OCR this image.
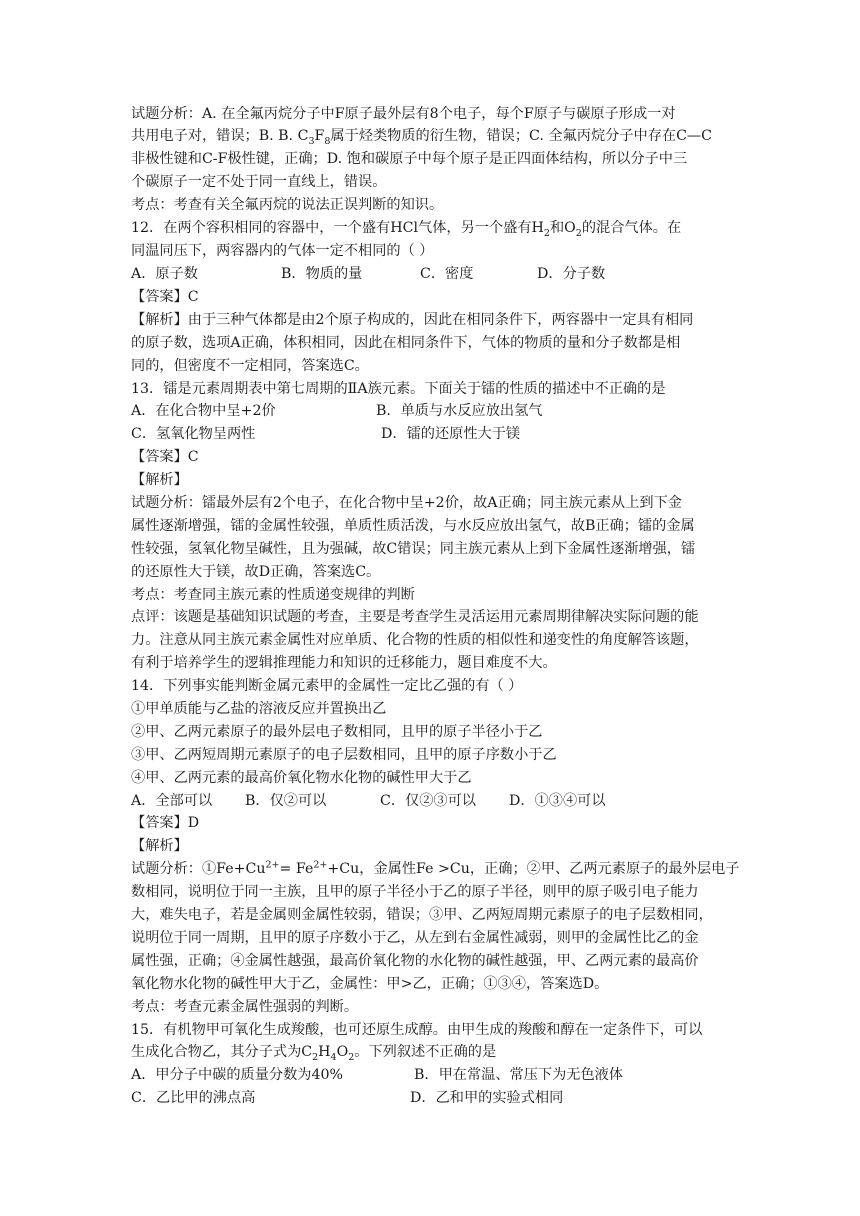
试题分析：A. 在全氟丙烷分子中F原子最外层有8个电子，每个F原子与碳原子形成一对
共用电子对，错误；B. B. $C_3F_8$属于烃类物质的衍生物，错误；C. 全氟丙烷分子中存在C—C
非极性键和C-F极性键，正确；D. 饱和碳原子中每个原子是正四面体结构，所以分子中三
个碳原子一定不处于同一直线上，错误。
考点：考查有关全氟丙烷的说法正误判断的知识。
12．在两个容积相同的容器中，一个盛有HCl气体，另一个盛有$H_2$和$O_2$的混合气体。在
同温同压下，两容器内的气体一定不相同的（ ）
A．原子数	B．物质的量	C．密度	D．分子数
【答案】C
【解析】由于三种气体都是由2个原子构成的，因此在相同条件下，两容器中一定具有相同
的原子数，选项A正确，体积相同，因此在相同条件下，气体的物质的量和分子数都是相
同的，但密度不一定相同，答案选C。
13．镭是元素周期表中第七周期的ⅡA族元素。下面关于镭的性质的描述中不正确的是
A．在化合物中呈+2价	B．单质与水反应放出氢气
C．氢氧化物呈两性	D．镭的还原性大于镁
【答案】C
【解析】
试题分析：镭最外层有2个电子，在化合物中呈+2价，故A正确；同主族元素从上到下金
属性逐渐增强，镭的金属性较强，单质性质活泼，与水反应放出氢气，故B正确；镭的金属
性较强，氢氧化物呈碱性，且为强碱，故C错误；同主族元素从上到下金属性逐渐增强，镭
的还原性大于镁，故D正确，答案选C。
考点：考查同主族元素的性质递变规律的判断
点评：该题是基础知识试题的考查，主要是考查学生灵活运用元素周期律解决实际问题的能
力。注意从同主族元素金属性对应单质、化合物的性质的相似性和递变性的角度解答该题，
有利于培养学生的逻辑推理能力和知识的迁移能力，题目难度不大。
14．下列事实能判断金属元素甲的金属性一定比乙强的有（ ）
①甲单质能与乙盐的溶液反应并置换出乙
②甲、乙两元素原子的最外层电子数相同，且甲的原子半径小于乙
③甲、乙两短周期元素原子的电子层数相同，且甲的原子序数小于乙
④甲、乙两元素的最高价氧化物水化物的碱性甲大于乙
A．全部可以 B．仅②可以	C．仅②③可以 D．①③④可以
【答案】D
【解析】
试题分析：$①Fe+Cu^{2+}= Fe^{2+}+Cu$，金属性Fe >Cu，正确；②甲、乙两元素原子的最外层电子
数相同，说明位于同一主族，且甲的原子半径小于乙的原子半径，则甲的原子吸引电子能力
大，难失电子，若是金属则金属性较弱，错误；③甲、乙两短周期元素原子的电子层数相同，
说明位于同一周期，且甲的原子序数小于乙，从左到右金属性减弱，则甲的金属性比乙的金
属性强，正确；④金属性越强，最高价氧化物的水化物的碱性越强，甲、乙两元素的最高价
氧化物水化物的碱性甲大于乙，金属性：甲>乙，正确；①③④，答案选D。
考点：考查元素金属性强弱的判断。
15．有机物甲可氧化生成羧酸，也可还原生成醇。由甲生成的羧酸和醇在一定条件下，可以
生成化合物乙，其分子式为$C_2H_4O_2$。下列叙述不正确的是
A．甲分子中碳的质量分数为40%	B．甲在常温、常压下为无色液体
C．乙比甲的沸点高	D．乙和甲的实验式相同
